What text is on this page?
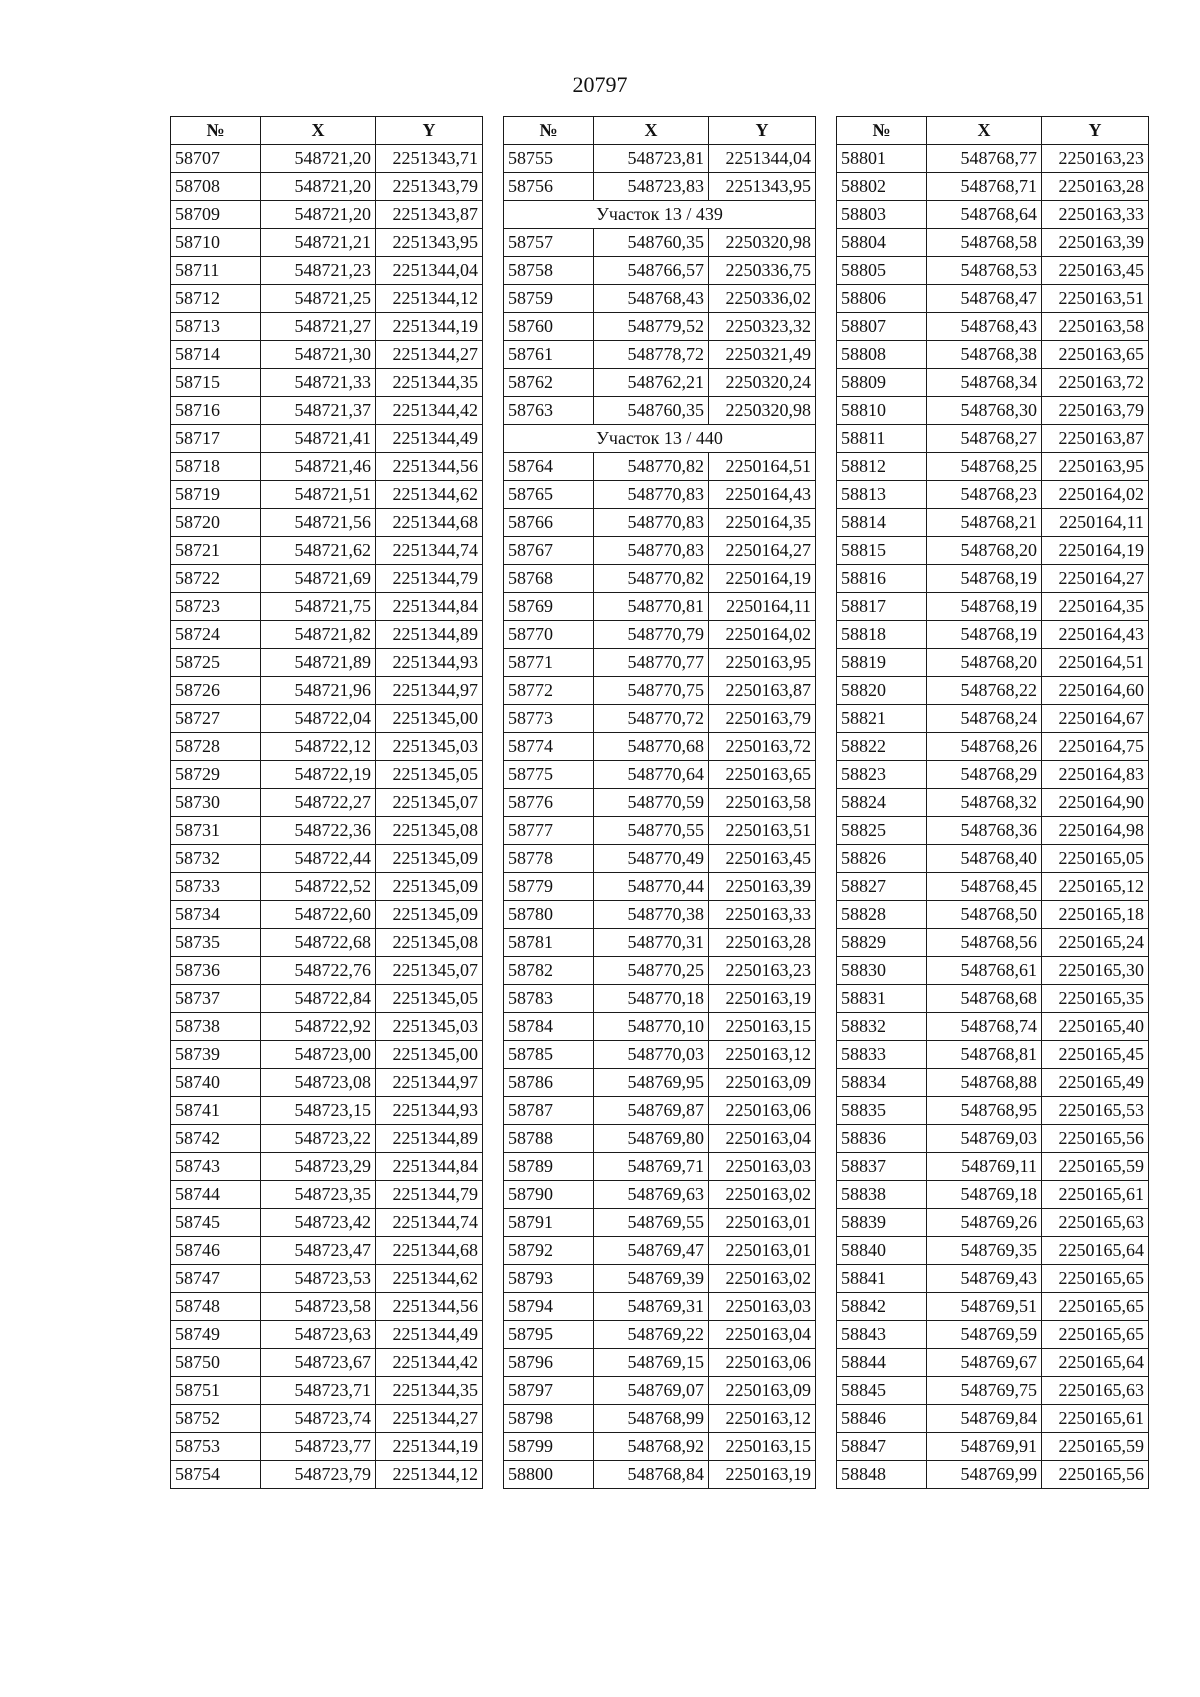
20797
№	X	Y
58707	548721,20	2251343,71
58708	548721,20	2251343,79
58709	548721,20	2251343,87
58710	548721,21	2251343,95
58711	548721,23	2251344,04
58712	548721,25	2251344,12
58713	548721,27	2251344,19
58714	548721,30	2251344,27
58715	548721,33	2251344,35
58716	548721,37	2251344,42
58717	548721,41	2251344,49
58718	548721,46	2251344,56
58719	548721,51	2251344,62
58720	548721,56	2251344,68
58721	548721,62	2251344,74
58722	548721,69	2251344,79
58723	548721,75	2251344,84
58724	548721,82	2251344,89
58725	548721,89	2251344,93
58726	548721,96	2251344,97
58727	548722,04	2251345,00
58728	548722,12	2251345,03
58729	548722,19	2251345,05
58730	548722,27	2251345,07
58731	548722,36	2251345,08
58732	548722,44	2251345,09
58733	548722,52	2251345,09
58734	548722,60	2251345,09
58735	548722,68	2251345,08
58736	548722,76	2251345,07
58737	548722,84	2251345,05
58738	548722,92	2251345,03
58739	548723,00	2251345,00
58740	548723,08	2251344,97
58741	548723,15	2251344,93
58742	548723,22	2251344,89
58743	548723,29	2251344,84
58744	548723,35	2251344,79
58745	548723,42	2251344,74
58746	548723,47	2251344,68
58747	548723,53	2251344,62
58748	548723,58	2251344,56
58749	548723,63	2251344,49
58750	548723,67	2251344,42
58751	548723,71	2251344,35
58752	548723,74	2251344,27
58753	548723,77	2251344,19
58754	548723,79	2251344,12
№	X	Y
58755	548723,81	2251344,04
58756	548723,83	2251343,95
Участок 13 / 439		
58757	548760,35	2250320,98
58758	548766,57	2250336,75
58759	548768,43	2250336,02
58760	548779,52	2250323,32
58761	548778,72	2250321,49
58762	548762,21	2250320,24
58763	548760,35	2250320,98
Участок 13 / 440		
58764	548770,82	2250164,51
58765	548770,83	2250164,43
58766	548770,83	2250164,35
58767	548770,83	2250164,27
58768	548770,82	2250164,19
58769	548770,81	2250164,11
58770	548770,79	2250164,02
58771	548770,77	2250163,95
58772	548770,75	2250163,87
58773	548770,72	2250163,79
58774	548770,68	2250163,72
58775	548770,64	2250163,65
58776	548770,59	2250163,58
58777	548770,55	2250163,51
58778	548770,49	2250163,45
58779	548770,44	2250163,39
58780	548770,38	2250163,33
58781	548770,31	2250163,28
58782	548770,25	2250163,23
58783	548770,18	2250163,19
58784	548770,10	2250163,15
58785	548770,03	2250163,12
58786	548769,95	2250163,09
58787	548769,87	2250163,06
58788	548769,80	2250163,04
58789	548769,71	2250163,03
58790	548769,63	2250163,02
58791	548769,55	2250163,01
58792	548769,47	2250163,01
58793	548769,39	2250163,02
58794	548769,31	2250163,03
58795	548769,22	2250163,04
58796	548769,15	2250163,06
58797	548769,07	2250163,09
58798	548768,99	2250163,12
58799	548768,92	2250163,15
58800	548768,84	2250163,19
№	X	Y
58801	548768,77	2250163,23
58802	548768,71	2250163,28
58803	548768,64	2250163,33
58804	548768,58	2250163,39
58805	548768,53	2250163,45
58806	548768,47	2250163,51
58807	548768,43	2250163,58
58808	548768,38	2250163,65
58809	548768,34	2250163,72
58810	548768,30	2250163,79
58811	548768,27	2250163,87
58812	548768,25	2250163,95
58813	548768,23	2250164,02
58814	548768,21	2250164,11
58815	548768,20	2250164,19
58816	548768,19	2250164,27
58817	548768,19	2250164,35
58818	548768,19	2250164,43
58819	548768,20	2250164,51
58820	548768,22	2250164,60
58821	548768,24	2250164,67
58822	548768,26	2250164,75
58823	548768,29	2250164,83
58824	548768,32	2250164,90
58825	548768,36	2250164,98
58826	548768,40	2250165,05
58827	548768,45	2250165,12
58828	548768,50	2250165,18
58829	548768,56	2250165,24
58830	548768,61	2250165,30
58831	548768,68	2250165,35
58832	548768,74	2250165,40
58833	548768,81	2250165,45
58834	548768,88	2250165,49
58835	548768,95	2250165,53
58836	548769,03	2250165,56
58837	548769,11	2250165,59
58838	548769,18	2250165,61
58839	548769,26	2250165,63
58840	548769,35	2250165,64
58841	548769,43	2250165,65
58842	548769,51	2250165,65
58843	548769,59	2250165,65
58844	548769,67	2250165,64
58845	548769,75	2250165,63
58846	548769,84	2250165,61
58847	548769,91	2250165,59
58848	548769,99	2250165,56
